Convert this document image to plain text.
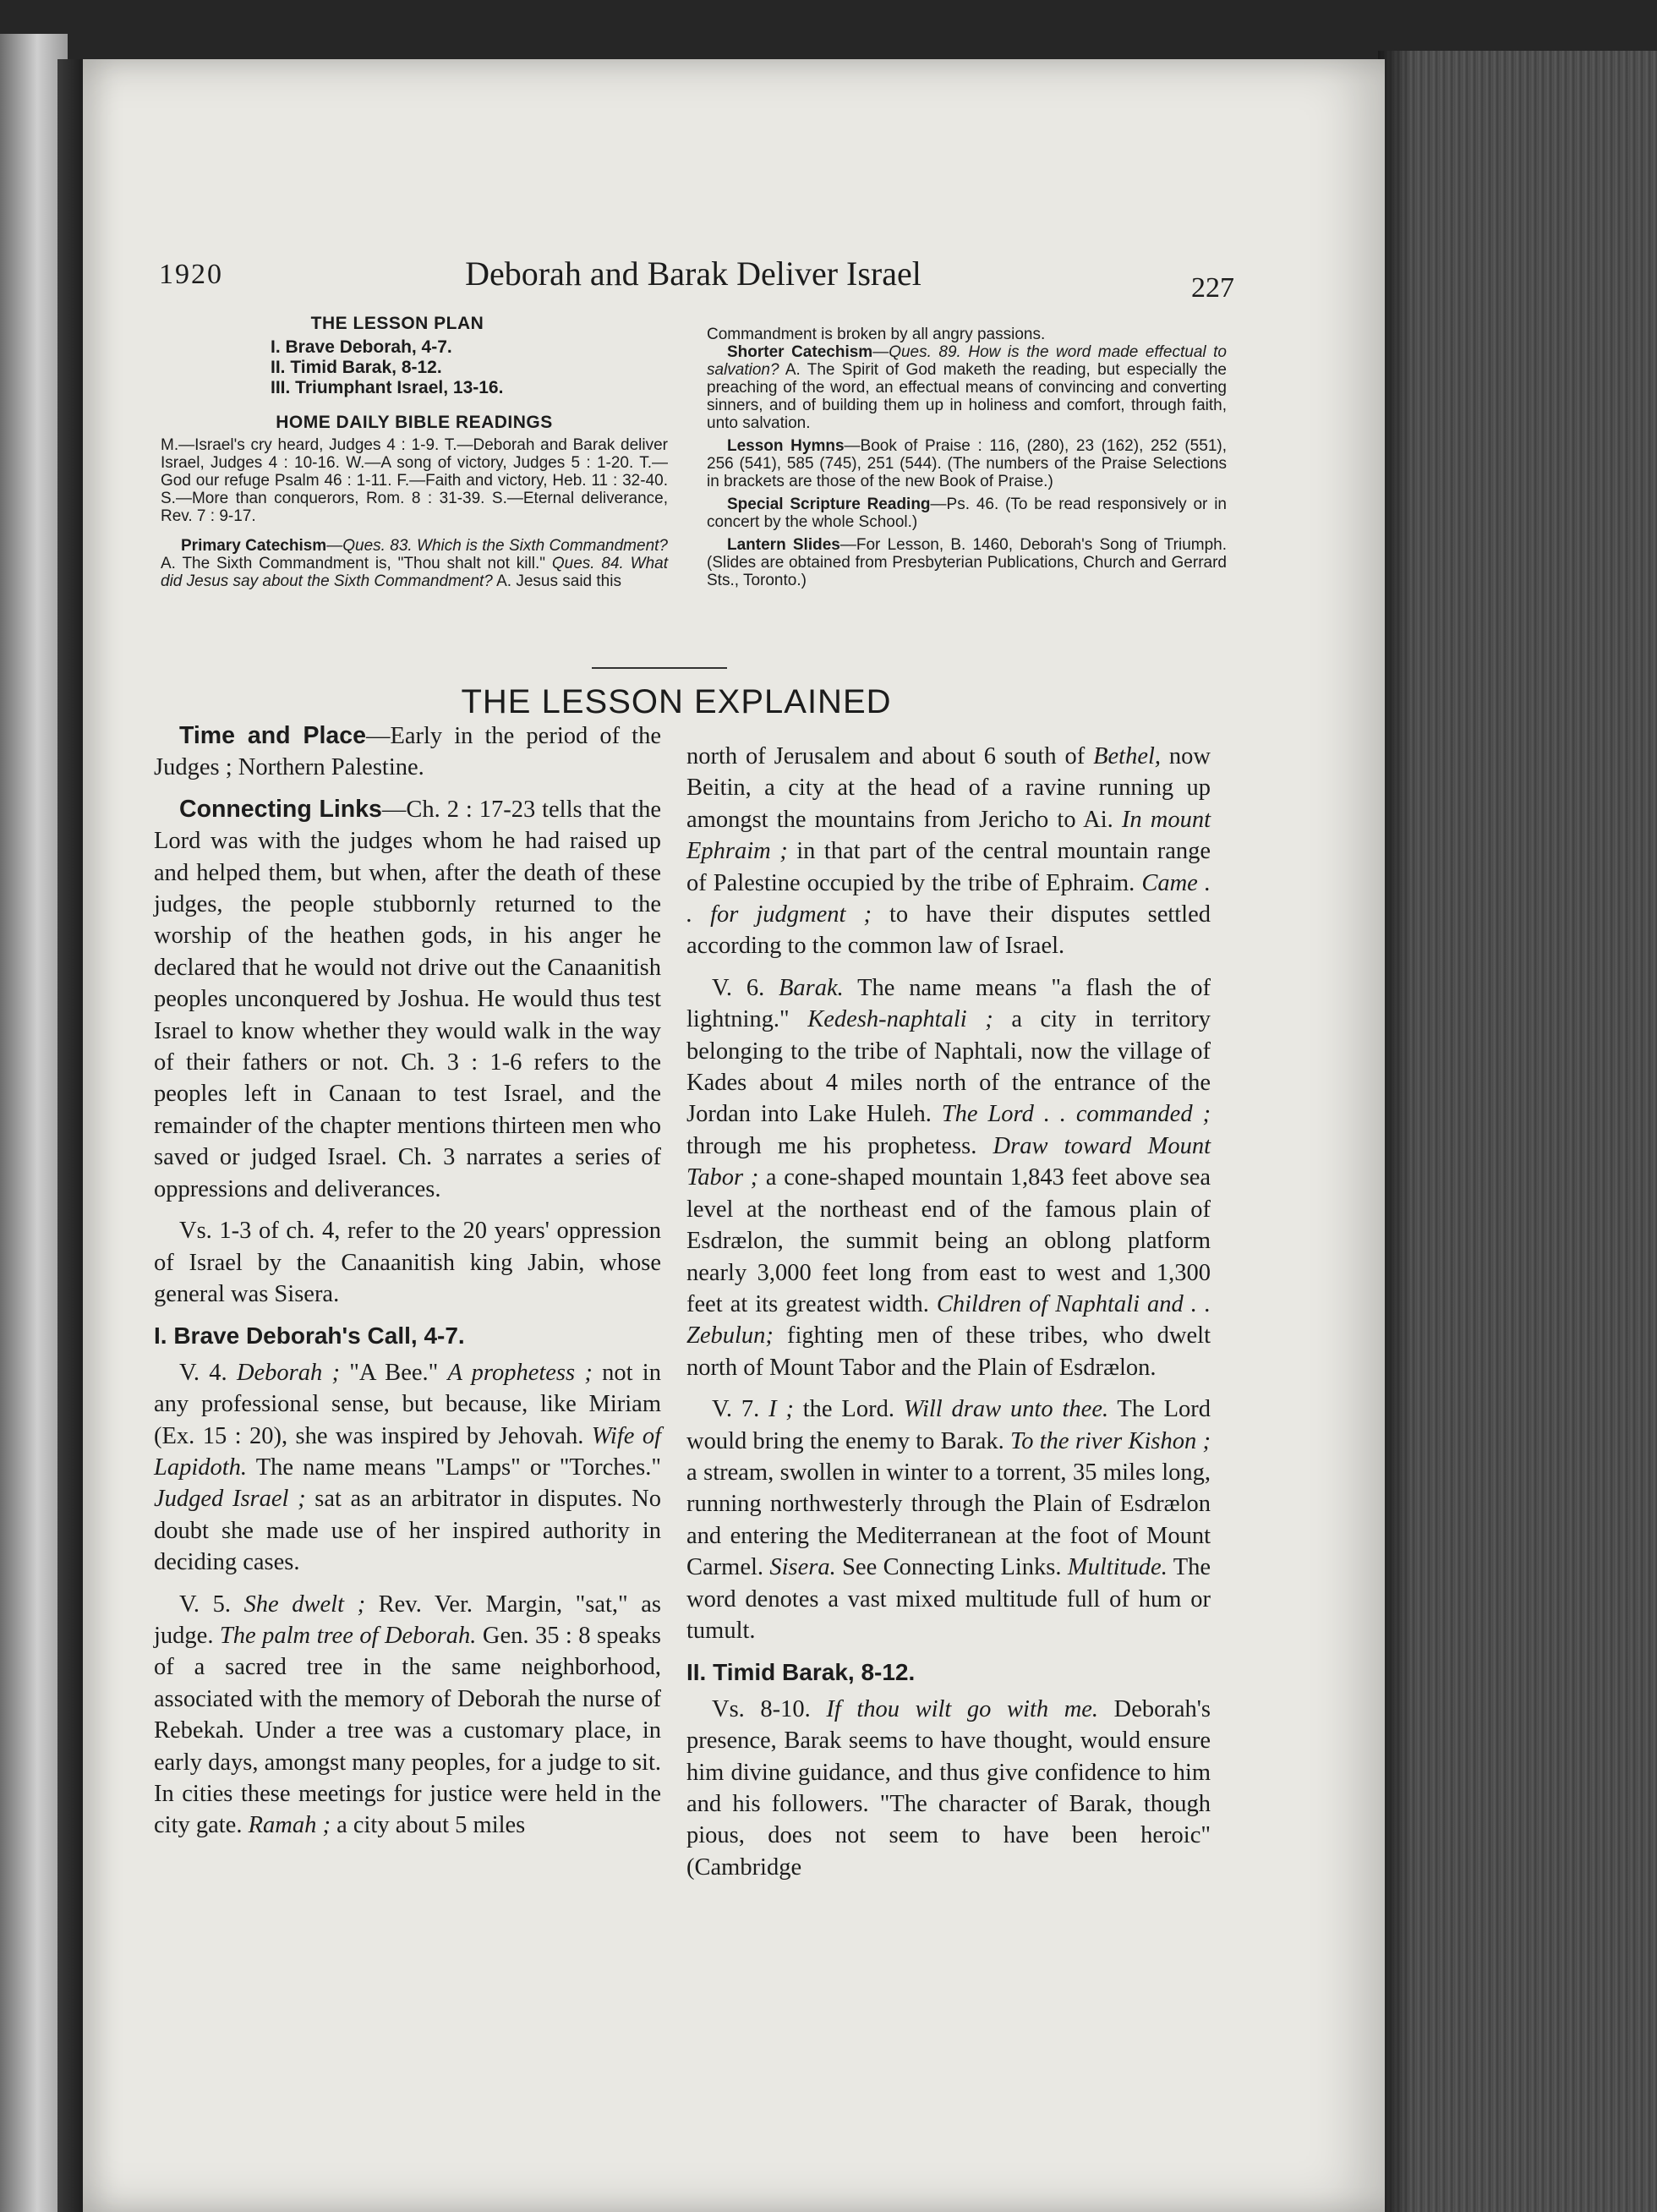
1920	Deborah and Barak Deliver Israel	227
THE LESSON PLAN
I. Brave Deborah, 4-7.
II. Timid Barak, 8-12.
III. Triumphant Israel, 13-16.
HOME DAILY BIBLE READINGS

M.—Israel's cry heard, Judges 4 : 1-9. T.—Deborah and Barak deliver Israel, Judges 4 : 10-16. W.—A song of victory, Judges 5 : 1-20. T.—God our refuge Psalm 46 : 1-11. F.—Faith and victory, Heb. 11 : 32-40. S.—More than conquerors, Rom. 8 : 31-39. S.—Eternal deliverance, Rev. 7 : 9-17.

Primary Catechism—Ques. 83. Which is the Sixth Commandment? A. The Sixth Commandment is, "Thou shalt not kill." Ques. 84. What did Jesus say about the Sixth Commandment? A. Jesus said this

Commandment is broken by all angry passions.

Shorter Catechism—Ques. 89. How is the word made effectual to salvation? A. The Spirit of God maketh the reading, but especially the preaching of the word, an effectual means of convincing and converting sinners, and of building them up in holiness and comfort, through faith, unto salvation.

Lesson Hymns—Book of Praise : 116, (280), 23 (162), 252 (551), 256 (541), 585 (745), 251 (544). (The numbers of the Praise Selections in brackets are those of the new Book of Praise.)

Special Scripture Reading—Ps. 46. (To be read responsively or in concert by the whole School.)

Lantern Slides—For Lesson, B. 1460, Deborah's Song of Triumph. (Slides are obtained from Presbyterian Publications, Church and Gerrard Sts., Toronto.)

THE LESSON EXPLAINED

Time and Place—Early in the period of the Judges ; Northern Palestine.

Connecting Links—Ch. 2 : 17-23 tells that the Lord was with the judges whom he had raised up and helped them, but when, after the death of these judges, the people stubbornly returned to the worship of the heathen gods, in his anger he declared that he would not drive out the Canaanitish peoples unconquered by Joshua. He would thus test Israel to know whether they would walk in the way of their fathers or not. Ch. 3 : 1-6 refers to the peoples left in Canaan to test Israel, and the remainder of the chapter mentions thirteen men who saved or judged Israel. Ch. 3 narrates a series of oppressions and deliverances.

Vs. 1-3 of ch. 4, refer to the 20 years' oppression of Israel by the Canaanitish king Jabin, whose general was Sisera.

I. Brave Deborah's Call, 4-7.

V. 4. Deborah ; "A Bee." A prophetess ; not in any professional sense, but because, like Miriam (Ex. 15 : 20), she was inspired by Jehovah. Wife of Lapidoth. The name means "Lamps" or "Torches." Judged Israel ; sat as an arbitrator in disputes. No doubt she made use of her inspired authority in deciding cases.

V. 5. She dwelt ; Rev. Ver. Margin, "sat," as judge. The palm tree of Deborah. Gen. 35 : 8 speaks of a sacred tree in the same neighborhood, associated with the memory of Deborah the nurse of Rebekah. Under a tree was a customary place, in early days, amongst many peoples, for a judge to sit. In cities these meetings for justice were held in the city gate. Ramah ; a city about 5 miles

north of Jerusalem and about 6 south of Bethel, now Beitin, a city at the head of a ravine running up amongst the mountains from Jericho to Ai. In mount Ephraim ; in that part of the central mountain range of Palestine occupied by the tribe of Ephraim. Came . . for judgment ; to have their disputes settled according to the common law of Israel.

V. 6. Barak. The name means "a flash the of lightning." Kedesh-naphtali ; a city in territory belonging to the tribe of Naphtali, now the village of Kades about 4 miles north of the entrance of the Jordan into Lake Huleh. The Lord . . commanded ; through me his prophetess. Draw toward Mount Tabor ; a cone-shaped mountain 1,843 feet above sea level at the northeast end of the famous plain of Esdrælon, the summit being an oblong platform nearly 3,000 feet long from east to west and 1,300 feet at its greatest width. Children of Naphtali and . . Zebulun; fighting men of these tribes, who dwelt north of Mount Tabor and the Plain of Esdrælon.

V. 7. I ; the Lord. Will draw unto thee. The Lord would bring the enemy to Barak. To the river Kishon ; a stream, swollen in winter to a torrent, 35 miles long, running northwesterly through the Plain of Esdrælon and entering the Mediterranean at the foot of Mount Carmel. Sisera. See Connecting Links. Multitude. The word denotes a vast mixed multitude full of hum or tumult.

II. Timid Barak, 8-12.

Vs. 8-10. If thou wilt go with me. Deborah's presence, Barak seems to have thought, would ensure him divine guidance, and thus give confidence to him and his followers. "The character of Barak, though pious, does not seem to have been heroic" (Cambridge
